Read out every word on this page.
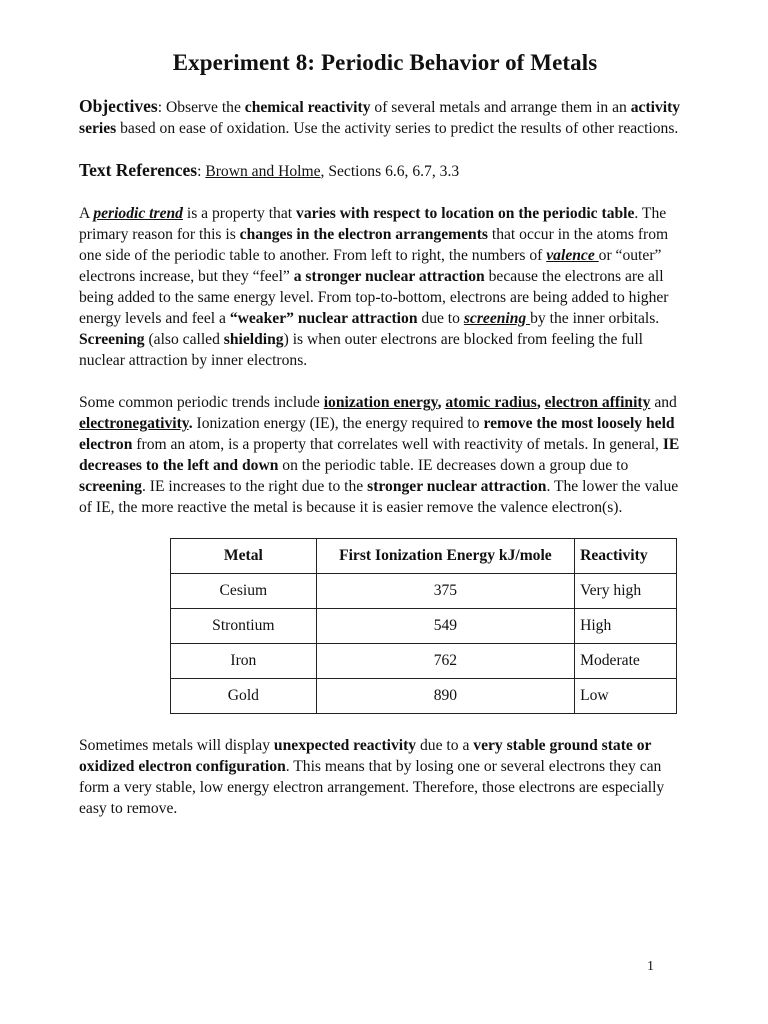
Experiment 8: Periodic Behavior of Metals

Objectives: Observe the chemical reactivity of several metals and arrange them in an activity series based on ease of oxidation. Use the activity series to predict the results of other reactions.

Text References: Brown and Holme, Sections 6.6, 6.7, 3.3

A periodic trend is a property that varies with respect to location on the periodic table. The primary reason for this is changes in the electron arrangements that occur in the atoms from one side of the periodic table to another. From left to right, the numbers of valence or “outer” electrons increase, but they “feel” a stronger nuclear attraction because the electrons are all being added to the same energy level. From top-to-bottom, electrons are being added to higher energy levels and feel a “weaker” nuclear attraction due to screening by the inner orbitals. Screening (also called shielding) is when outer electrons are blocked from feeling the full nuclear attraction by inner electrons.

Some common periodic trends include ionization energy, atomic radius, electron affinity and electronegativity. Ionization energy (IE), the energy required to remove the most loosely held electron from an atom, is a property that correlates well with reactivity of metals. In general, IE decreases to the left and down on the periodic table. IE decreases down a group due to screening. IE increases to the right due to the stronger nuclear attraction. The lower the value of IE, the more reactive the metal is because it is easier remove the valence electron(s).

Metal	First Ionization Energy kJ/mole	Reactivity
Cesium	375	Very high
Strontium	549	High
Iron	762	Moderate
Gold	890	Low

Sometimes metals will display unexpected reactivity due to a very stable ground state or oxidized electron configuration. This means that by losing one or several electrons they can form a very stable, low energy electron arrangement. Therefore, those electrons are especially easy to remove.

1
